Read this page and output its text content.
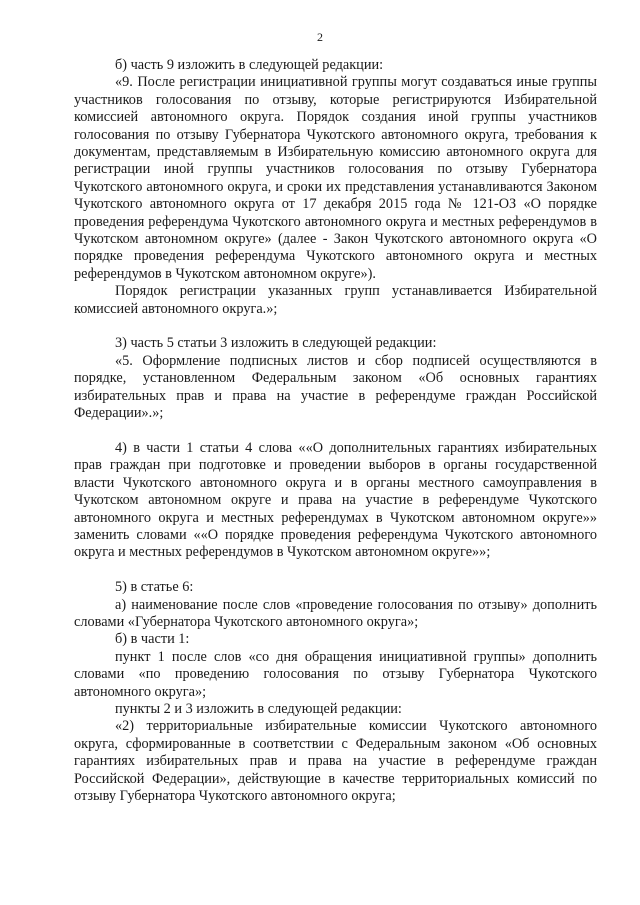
2

б) часть 9 изложить в следующей редакции:

«9. После регистрации инициативной группы могут создаваться иные группы участников голосования по отзыву, которые регистрируются Избирательной комиссией автономного округа. Порядок создания иной группы участников голосования по отзыву Губернатора Чукотского автономного округа, требования к документам, представляемым в Избирательную комиссию автономного округа для регистрации иной группы участников голосования по отзыву Губернатора Чукотского автономного округа, и сроки их представления устанавливаются Законом Чукотского автономного округа от 17 декабря 2015 года № 121-ОЗ «О порядке проведения референдума Чукотского автономного округа и местных референдумов в Чукотском автономном округе» (далее - Закон Чукотского автономного округа «О порядке проведения референдума Чукотского автономного округа и местных референдумов в Чукотском автономном округе»).

Порядок регистрации указанных групп устанавливается Избирательной комиссией автономного округа.»;

3) часть 5 статьи 3 изложить в следующей редакции:

«5. Оформление подписных листов и сбор подписей осуществляются в порядке, установленном Федеральным законом «Об основных гарантиях избирательных прав и права на участие в референдуме граждан Российской Федерации».»;

4) в части 1 статьи 4 слова ««О дополнительных гарантиях избирательных прав граждан при подготовке и проведении выборов в органы государственной власти Чукотского автономного округа и в органы местного самоуправления в Чукотском автономном округе и права на участие в референдуме Чукотского автономного округа и местных референдумах в Чукотском автономном округе»» заменить словами ««О порядке проведения референдума Чукотского автономного округа и местных референдумов в Чукотском автономном округе»»;

5) в статье 6:

а) наименование после слов «проведение голосования по отзыву» дополнить словами «Губернатора Чукотского автономного округа»;

б) в части 1:

пункт 1 после слов «со дня обращения инициативной группы» дополнить словами «по проведению голосования по отзыву Губернатора Чукотского автономного округа»;

пункты 2 и 3 изложить в следующей редакции:

«2) территориальные избирательные комиссии Чукотского автономного округа, сформированные в соответствии с Федеральным законом «Об основных гарантиях избирательных прав и права на участие в референдуме граждан Российской Федерации», действующие в качестве территориальных комиссий по отзыву Губернатора Чукотского автономного округа;
